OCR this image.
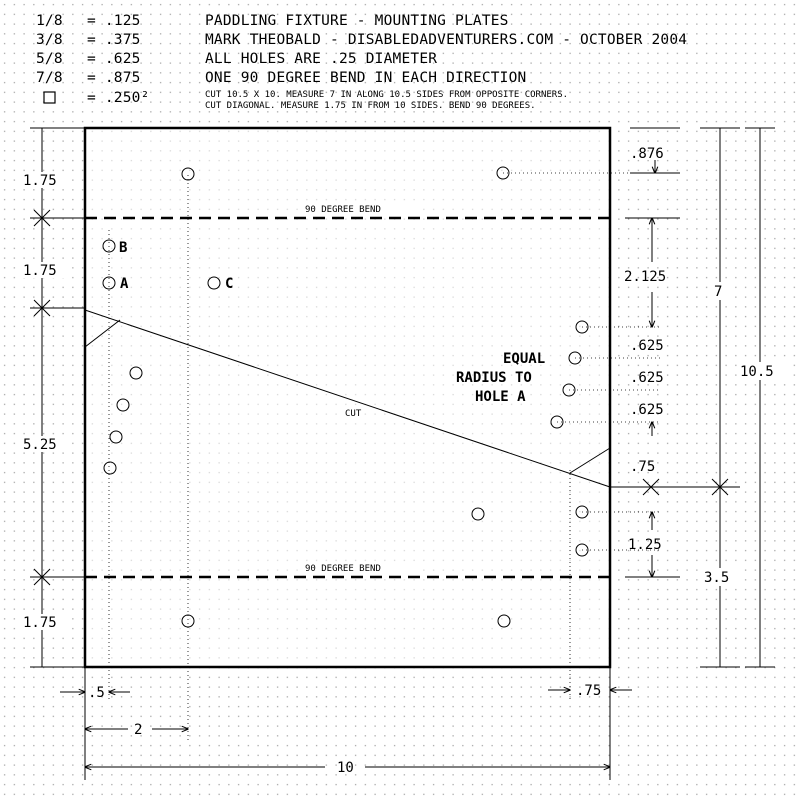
1/8 = .125
3/8 = .375
5/8 = .625
7/8 = .875
= .250²
PADDLING FIXTURE - MOUNTING PLATES
MARK THEOBALD - DISABLEDADVENTURERS.COM - OCTOBER 2004
ALL HOLES ARE .25 DIAMETER
ONE 90 DEGREE BEND IN EACH DIRECTION
CUT 10.5 X 10. MEASURE 7 IN ALONG 10.5 SIDES FROM OPPOSITE CORNERS.
CUT DIAGONAL. MEASURE 1.75 IN FROM 10 SIDES. BEND 90 DEGREES.
90 DEGREE BEND
90 DEGREE BEND
CUT
B
A	C
EQUAL
RADIUS TO
HOLE A
1.75
1.75
5.25
1.75
.876
2.125
.625
.625
.625
.75
1.25
7
3.5
10.5
.5
2
.75
10
